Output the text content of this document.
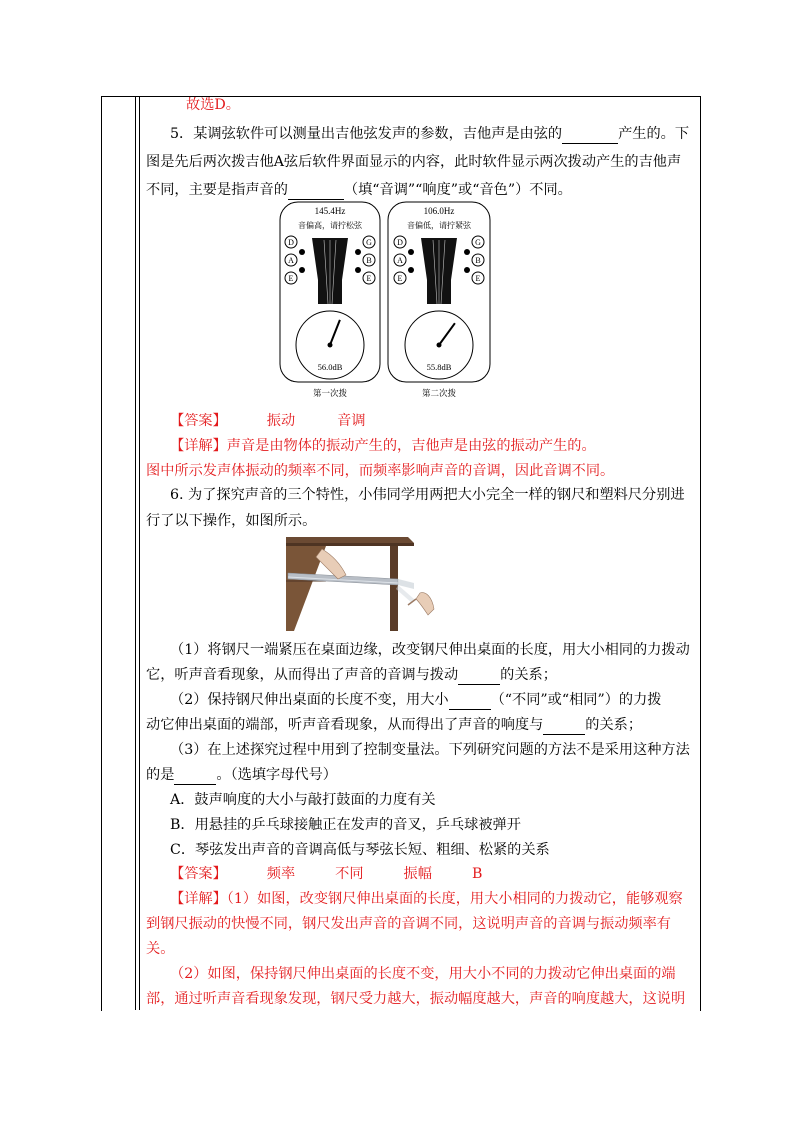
故选D。
5．某调弦软件可以测量出吉他弦发声的参数，吉他声是由弦的	产生的。下
图是先后两次拨吉他A弦后软件界面显示的内容，此时软件显示两次拨动产生的吉他声
不同，主要是指声音的	（填“音调”“响度”或“音色”）不同。
145.4Hz
音偏高，请拧松弦
D
A
E
G
B
E
56.0dB
第一次拨
106.0Hz
音偏低，请拧紧弦
D
A
E
G
B
E
55.8dB
第二次拨
【答案】	振动	音调
【详解】声音是由物体的振动产生的，吉他声是由弦的振动产生的。
图中所示发声体振动的频率不同，而频率影响声音的音调，因此音调不同。
6. 为了探究声音的三个特性，小伟同学用两把大小完全一样的钢尺和塑料尺分别进
行了以下操作，如图所示。
（1）将钢尺一端紧压在桌面边缘，改变钢尺伸出桌面的长度，用大小相同的力拨动
它，听声音看现象，从而得出了声音的音调与拨动	的关系；
（2）保持钢尺伸出桌面的长度不变，用大小	（“不同”或“相同”）的力拨
动它伸出桌面的端部，听声音看现象，从而得出了声音的响度与	的关系；
（3）在上述探究过程中用到了控制变量法。下列研究问题的方法不是采用这种方法
的是	。（选填字母代号）
A．鼓声响度的大小与敲打鼓面的力度有关
B．用悬挂的乒乓球接触正在发声的音叉，乒乓球被弹开
C．琴弦发出声音的音调高低与琴弦长短、粗细、松紧的关系
【答案】	频率	不同	振幅	B
【详解】（1）如图，改变钢尺伸出桌面的长度，用大小相同的力拨动它，能够观察
到钢尺振动的快慢不同，钢尺发出声音的音调不同，这说明声音的音调与振动频率有
关。
（2）如图，保持钢尺伸出桌面的长度不变，用大小不同的力拨动它伸出桌面的端
部，通过听声音看现象发现，钢尺受力越大，振动幅度越大，声音的响度越大，这说明
